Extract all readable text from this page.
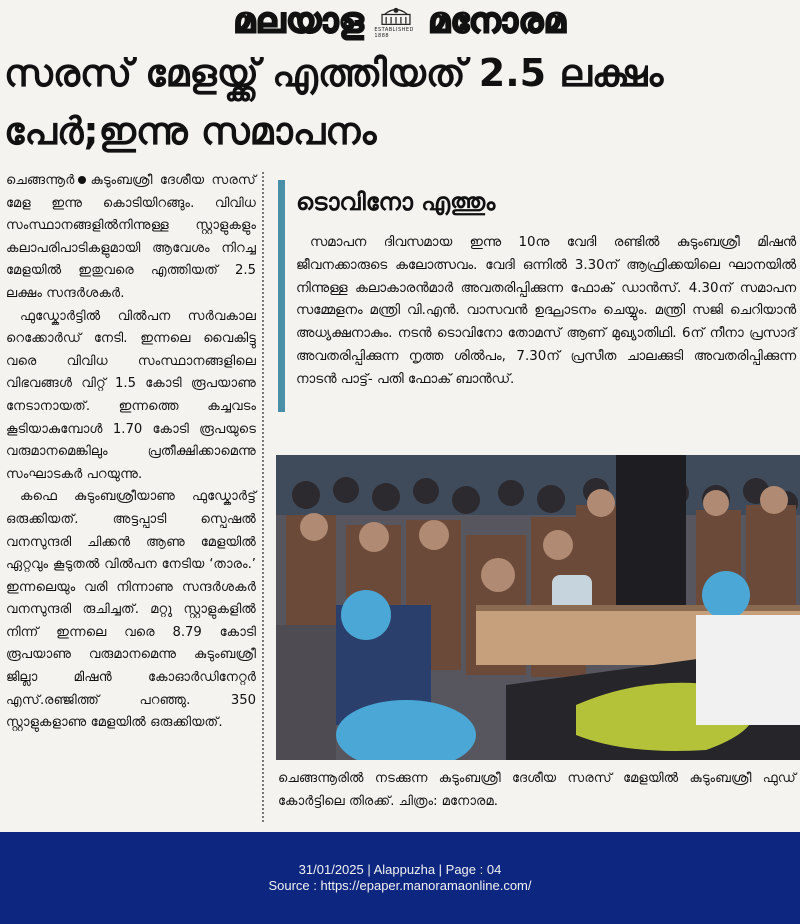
മലയാള ESTABLISHED 1888	മനോരമ
സരസ് മേളയ്ക്ക് എത്തിയത് 2.5 ലക്ഷം
പേർ;ഇന്നു സമാപനം

ചെങ്ങന്നൂർ കുടുംബശ്രീ ദേശീയ സരസ് മേള ഇന്നു കൊടിയിറങ്ങും. വിവിധ സംസ്ഥാനങ്ങളിൽനിന്നുള്ള സ്റ്റാളുകളും കലാപരിപാടികളുമായി ആവേശം നിറച്ച മേളയിൽ ഇതുവരെ എത്തിയത് 2.5 ലക്ഷം സന്ദർശകർ.

ഫുഡ്കോർട്ടിൽ വിൽപന സർവകാല റെക്കോർഡ് നേടി. ഇന്നലെ വൈകിട്ടു വരെ വിവിധ സംസ്ഥാനങ്ങളിലെ വിഭവങ്ങൾ വിറ്റ് 1.5 കോടി രൂപയാണു നേടാനായത്. ഇന്നത്തെ കച്ചവടം കൂടിയാകുമ്പോൾ 1.70 കോടി രൂപയുടെ വരുമാനമെങ്കിലും പ്രതീക്ഷിക്കാമെന്നു സംഘാടകർ പറയുന്നു.

കഫെ കുടുംബശ്രീയാണു ഫുഡ്കോർട്ട് ഒരുക്കിയത്. അട്ടപ്പാടി സ്പെഷൽ വനസുന്ദരി ചിക്കൻ ആണു മേളയിൽ ഏറ്റവും കൂടുതൽ വിൽപന നേടിയ ‘താരം.’ ഇന്നലെയും വരി നിന്നാണു സന്ദർശകർ വനസുന്ദരി രുചിച്ചത്. മറ്റു സ്റ്റാളുകളിൽ നിന്ന് ഇന്നലെ വരെ 8.79 കോടി രൂപയാണു വരുമാനമെന്നു കുടുംബശ്രീ ജില്ലാ മിഷൻ കോഓർഡിനേറ്റർ എസ്.രഞ്ജിത്ത് പറഞ്ഞു. 350 സ്റ്റാളുകളാണു മേളയിൽ ഒരുക്കിയത്.

ടൊവിനോ എത്തും

സമാപന ദിവസമായ ഇന്നു 10നു വേദി രണ്ടിൽ കുടുംബശ്രീ മിഷൻ ജീവനക്കാരുടെ കലോത്സവം. വേദി ഒന്നിൽ 3.30ന് ആഫ്രിക്കയിലെ ഘാനയിൽ നിന്നുള്ള കലാകാരൻമാർ അവതരിപ്പിക്കുന്ന ഫോക് ഡാൻസ്. 4.30ന് സമാപന സമ്മേളനം മന്ത്രി വി.എൻ. വാസവൻ ഉദ്ഘാടനം ചെയ്യും. മന്ത്രി സജി ചെറിയാൻ അധ്യക്ഷനാകും. നടൻ ടൊവിനോ തോമസ് ആണ് മുഖ്യാതിഥി. 6ന് നീനാ പ്രസാദ് അവതരിപ്പിക്കുന്ന നൃത്ത ശിൽപം, 7.30ന് പ്രസീത ചാലക്കുടി അവതരിപ്പിക്കുന്ന നാടൻ പാട്ട്- പതി ഫോക് ബാൻഡ്.

ചെങ്ങന്നൂരിൽ നടക്കുന്ന കുടുംബശ്രീ ദേശീയ സരസ് മേളയിൽ കുടുംബശ്രീ ഫുഡ് കോർട്ടിലെ തിരക്ക്. ചിത്രം: മനോരമ.

31/01/2025 | Alappuzha | Page : 04
Source : https://epaper.manoramaonline.com/
